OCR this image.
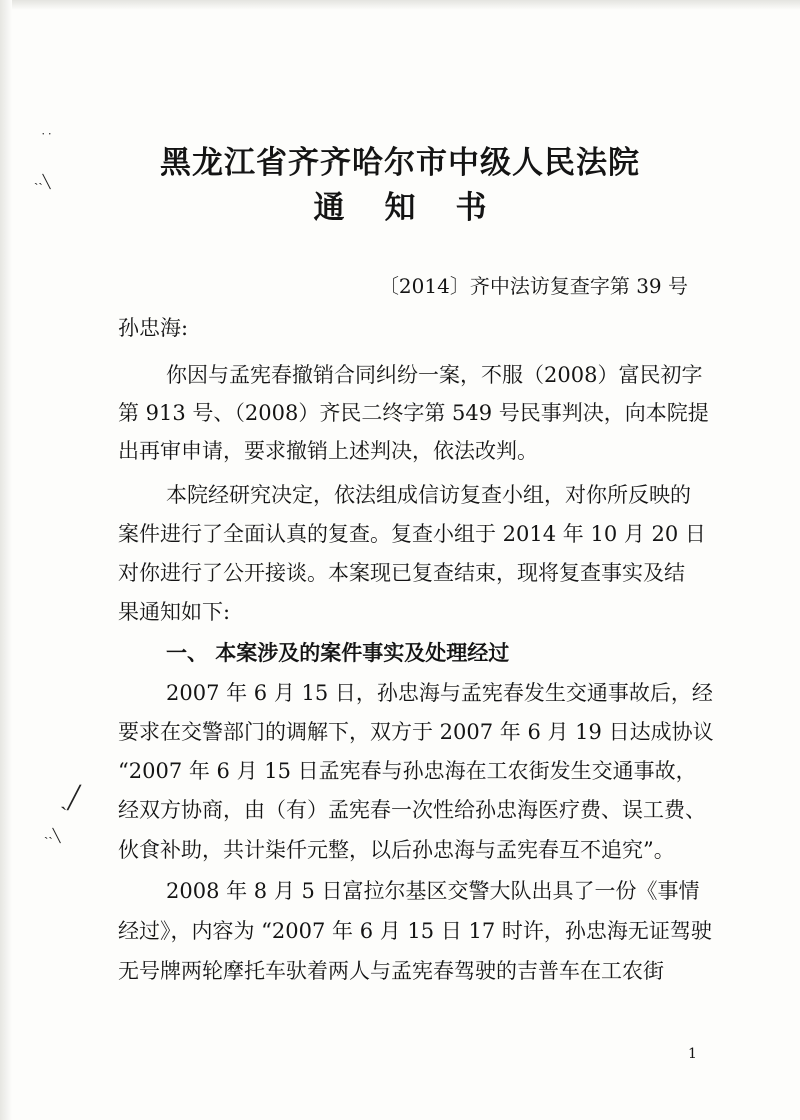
˙˙
˴˴╲
ˏ╱
˴˴╲
黑龙江省齐齐哈尔市中级人民法院
通知书
〔2014〕齐中法访复查字第 39 号
孙忠海:
你因与孟宪春撤销合同纠纷一案，不服（2008）富民初字
第 913 号、（2008）齐民二终字第 549 号民事判决，向本院提
出再审申请，要求撤销上述判决，依法改判。
本院经研究决定，依法组成信访复查小组，对你所反映的
案件进行了全面认真的复查。复查小组于 2014 年 10 月 20 日
对你进行了公开接谈。本案现已复查结束，现将复查事实及结
果通知如下:
一、 本案涉及的案件事实及处理经过
2007 年 6 月 15 日，孙忠海与孟宪春发生交通事故后，经
要求在交警部门的调解下，双方于 2007 年 6 月 19 日达成协议
“2007 年 6 月 15 日孟宪春与孙忠海在工农街发生交通事故，
经双方协商，由（有）孟宪春一次性给孙忠海医疗费、误工费、
伙食补助，共计柒仟元整，以后孙忠海与孟宪春互不追究”。
2008 年 8 月 5 日富拉尔基区交警大队出具了一份《事情
经过》，内容为 “2007 年 6 月 15 日 17 时许，孙忠海无证驾驶
无号牌两轮摩托车驮着两人与孟宪春驾驶的吉普车在工农街
1
